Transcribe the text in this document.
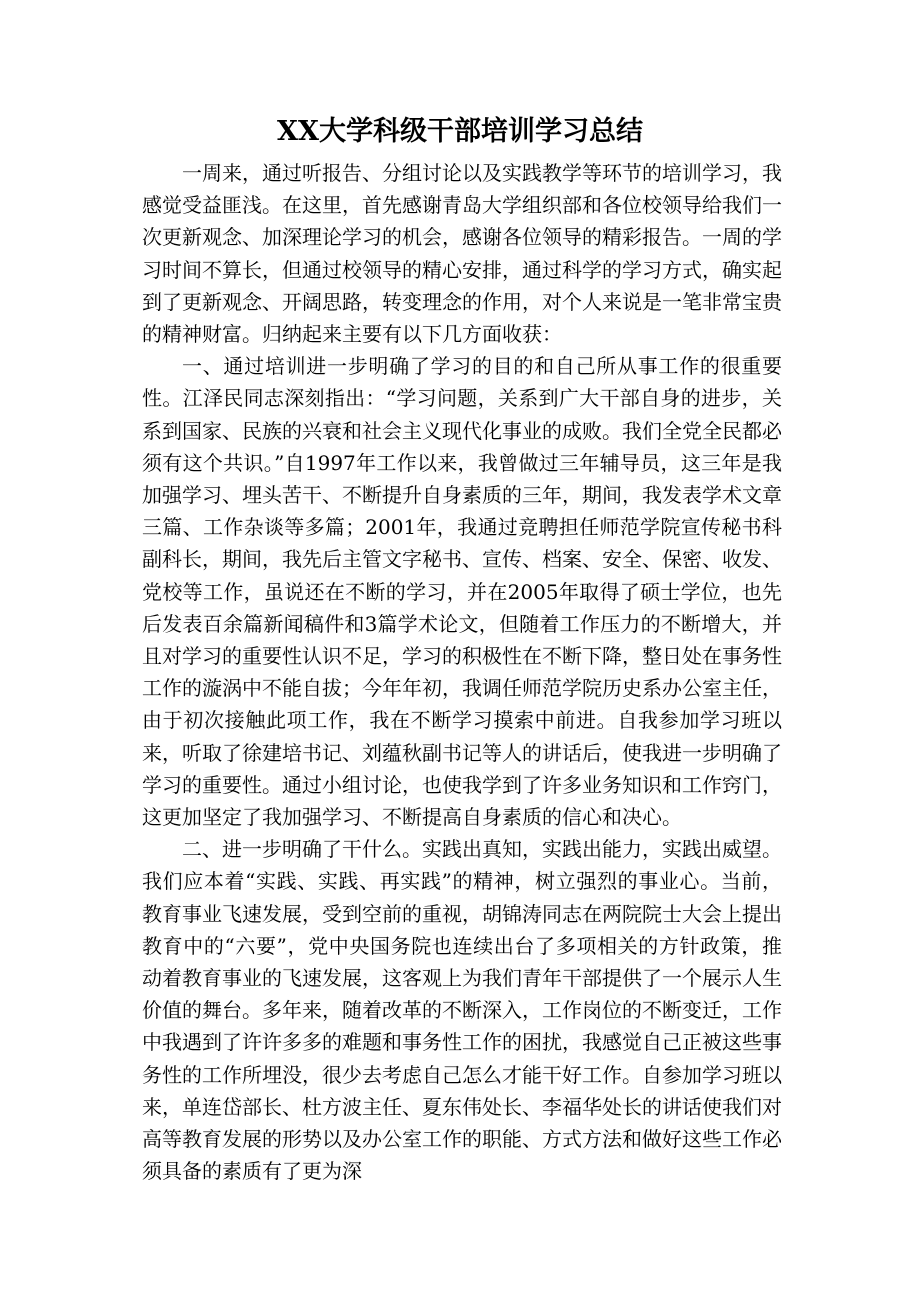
XX大学科级干部培训学习总结

一周来，通过听报告、分组讨论以及实践教学等环节的培训学习，我感觉受益匪浅。在这里，首先感谢青岛大学组织部和各位校领导给我们一次更新观念、加深理论学习的机会，感谢各位领导的精彩报告。一周的学习时间不算长，但通过校领导的精心安排，通过科学的学习方式，确实起到了更新观念、开阔思路，转变理念的作用，对个人来说是一笔非常宝贵的精神财富。归纳起来主要有以下几方面收获：

一、通过培训进一步明确了学习的目的和自己所从事工作的很重要性。江泽民同志深刻指出：“学习问题，关系到广大干部自身的进步，关系到国家、民族的兴衰和社会主义现代化事业的成败。我们全党全民都必须有这个共识。”自1997年工作以来，我曾做过三年辅导员，这三年是我加强学习、埋头苦干、不断提升自身素质的三年，期间，我发表学术文章三篇、工作杂谈等多篇；2001年，我通过竞聘担任师范学院宣传秘书科副科长，期间，我先后主管文字秘书、宣传、档案、安全、保密、收发、党校等工作，虽说还在不断的学习，并在2005年取得了硕士学位，也先后发表百余篇新闻稿件和3篇学术论文，但随着工作压力的不断增大，并且对学习的重要性认识不足，学习的积极性在不断下降，整日处在事务性工作的漩涡中不能自拔；今年年初，我调任师范学院历史系办公室主任，由于初次接触此项工作，我在不断学习摸索中前进。自我参加学习班以来，听取了徐建培书记、刘蕴秋副书记等人的讲话后，使我进一步明确了学习的重要性。通过小组讨论，也使我学到了许多业务知识和工作窍门，这更加坚定了我加强学习、不断提高自身素质的信心和决心。

二、进一步明确了干什么。实践出真知，实践出能力，实践出威望。我们应本着“实践、实践、再实践”的精神，树立强烈的事业心。当前，教育事业飞速发展，受到空前的重视，胡锦涛同志在两院院士大会上提出教育中的“六要”，党中央国务院也连续出台了多项相关的方针政策，推动着教育事业的飞速发展，这客观上为我们青年干部提供了一个展示人生价值的舞台。多年来，随着改革的不断深入，工作岗位的不断变迁，工作中我遇到了许许多多的难题和事务性工作的困扰，我感觉自己正被这些事务性的工作所埋没，很少去考虑自己怎么才能干好工作。自参加学习班以来，单连岱部长、杜方波主任、夏东伟处长、李福华处长的讲话使我们对高等教育发展的形势以及办公室工作的职能、方式方法和做好这些工作必须具备的素质有了更为深
